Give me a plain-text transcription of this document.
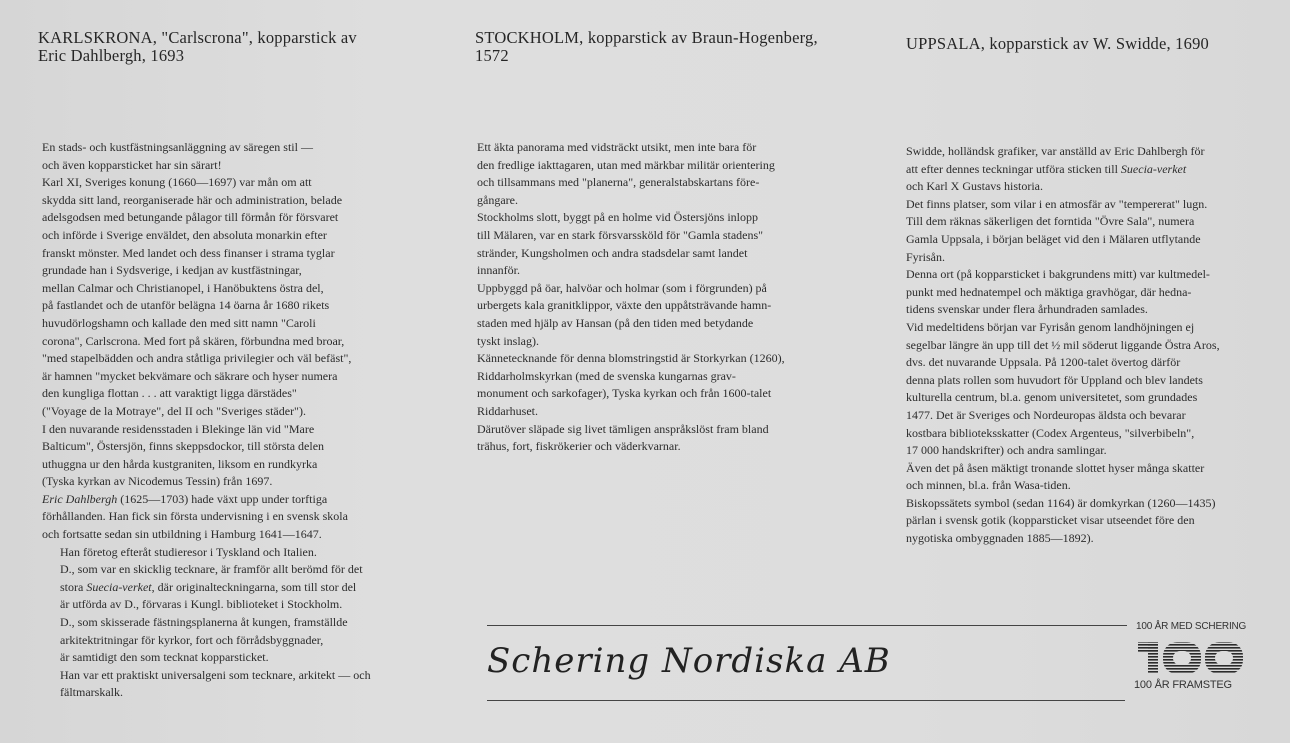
KARLSKRONA, "Carlscrona", kopparstick av
Eric Dahlbergh, 1693
STOCKHOLM, kopparstick av Braun-Hogenberg,
1572
UPPSALA, kopparstick av W. Swidde, 1690

En stads- och kustfästningsanläggning av säregen stil —

och även kopparsticket har sin särart!

Karl XI, Sveriges konung (1660—1697) var mån om att

skydda sitt land, reorganiserade här och administration, belade

adelsgodsen med betungande pålagor till förmån för försvaret

och införde i Sverige enväldet, den absoluta monarkin efter

franskt mönster. Med landet och dess finanser i strama tyglar

grundade han i Sydsverige, i kedjan av kustfästningar,

mellan Calmar och Christianopel, i Hanöbuktens östra del,

på fastlandet och de utanför belägna 14 öarna år 1680 rikets

huvudörlogshamn och kallade den med sitt namn "Caroli

corona", Carlscrona. Med fort på skären, förbundna med broar,

"med stapelbädden och andra ståtliga privilegier och väl befäst",

är hamnen "mycket bekvämare och säkrare och hyser numera

den kungliga flottan . . . att varaktigt ligga därstädes"

("Voyage de la Motraye", del II och "Sveriges städer").

I den nuvarande residensstaden i Blekinge län vid "Mare

Balticum", Östersjön, finns skeppsdockor, till största delen

uthuggna ur den hårda kustgraniten, liksom en rundkyrka

(Tyska kyrkan av Nicodemus Tessin) från 1697.

Eric Dahlbergh (1625—1703) hade växt upp under torftiga

förhållanden. Han fick sin första undervisning i en svensk skola

och fortsatte sedan sin utbildning i Hamburg 1641—1647.

Han företog efteråt studieresor i Tyskland och Italien.

D., som var en skicklig tecknare, är framför allt berömd för det

stora Suecia-verket, där originalteckningarna, som till stor del

är utförda av D., förvaras i Kungl. biblioteket i Stockholm.

D., som skisserade fästningsplanerna åt kungen, framställde

arkitektritningar för kyrkor, fort och förrådsbyggnader,

är samtidigt den som tecknat kopparsticket.

Han var ett praktiskt universalgeni som tecknare, arkitekt — och

fältmarskalk.

Ett äkta panorama med vidsträckt utsikt, men inte bara för

den fredlige iakttagaren, utan med märkbar militär orientering

och tillsammans med "planerna", generalstabskartans före-

gångare.

Stockholms slott, byggt på en holme vid Östersjöns inlopp

till Mälaren, var en stark försvarssköld för "Gamla stadens"

stränder, Kungsholmen och andra stadsdelar samt landet

innanför.

Uppbyggd på öar, halvöar och holmar (som i förgrunden) på

urbergets kala granitklippor, växte den uppåtsträvande hamn-

staden med hjälp av Hansan (på den tiden med betydande

tyskt inslag).

Kännetecknande för denna blomstringstid är Storkyrkan (1260),

Riddarholmskyrkan (med de svenska kungarnas grav-

monument och sarkofager), Tyska kyrkan och från 1600-talet

Riddarhuset.

Därutöver släpade sig livet tämligen anspråkslöst fram bland

trähus, fort, fiskrökerier och väderkvarnar.

Swidde, holländsk grafiker, var anställd av Eric Dahlbergh för

att efter dennes teckningar utföra sticken till Suecia-verket

och Karl X Gustavs historia.

Det finns platser, som vilar i en atmosfär av "tempererat" lugn.

Till dem räknas säkerligen det forntida "Övre Sala", numera

Gamla Uppsala, i början beläget vid den i Mälaren utflytande

Fyrisån.

Denna ort (på kopparsticket i bakgrundens mitt) var kultmedel-

punkt med hednatempel och mäktiga gravhögar, där hedna-

tidens svenskar under flera århundraden samlades.

Vid medeltidens början var Fyrisån genom landhöjningen ej

segelbar längre än upp till det ½ mil söderut liggande Östra Aros,

dvs. det nuvarande Uppsala. På 1200-talet övertog därför

denna plats rollen som huvudort för Uppland och blev landets

kulturella centrum, bl.a. genom universitetet, som grundades

1477. Det är Sveriges och Nordeuropas äldsta och bevarar

kostbara biblioteksskatter (Codex Argenteus, "silverbibeln",

17 000 handskrifter) och andra samlingar.

Även det på åsen mäktigt tronande slottet hyser många skatter

och minnen, bl.a. från Wasa-tiden.

Biskopssätets symbol (sedan 1164) är domkyrkan (1260—1435)

pärlan i svensk gotik (kopparsticket visar utseendet före den

nygotiska ombyggnaden 1885—1892).

Schering Nordiska AB
100 ÅR MED SCHERING
100
100 ÅR FRAMSTEG
